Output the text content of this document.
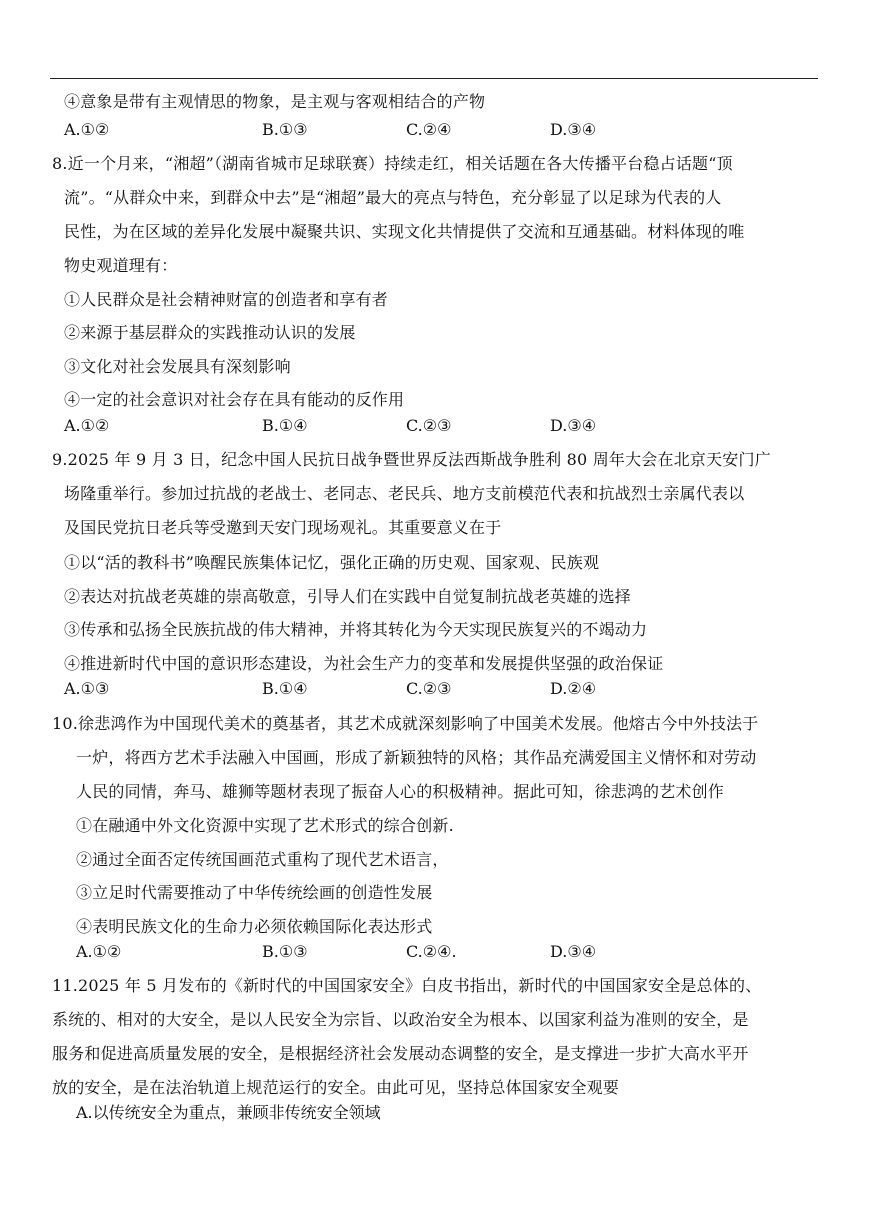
④意象是带有主观情思的物象，是主观与客观相结合的产物
A.①②	B.①③	C.②④	D.③④
8.近一个月来，“湘超”（湖南省城市足球联赛）持续走红，相关话题在各大传播平台稳占话题“顶
流”。“从群众中来，到群众中去”是“湘超”最大的亮点与特色，充分彰显了以足球为代表的人
民性，为在区域的差异化发展中凝聚共识、实现文化共情提供了交流和互通基础。材料体现的唯
物史观道理有：
①人民群众是社会精神财富的创造者和享有者
②来源于基层群众的实践推动认识的发展
③文化对社会发展具有深刻影响
④一定的社会意识对社会存在具有能动的反作用
A.①②	B.①④	C.②③	D.③④
9.2025 年 9 月 3 日，纪念中国人民抗日战争暨世界反法西斯战争胜利 80 周年大会在北京天安门广
场隆重举行。参加过抗战的老战士、老同志、老民兵、地方支前模范代表和抗战烈士亲属代表以
及国民党抗日老兵等受邀到天安门现场观礼。其重要意义在于
①以“活的教科书”唤醒民族集体记忆，强化正确的历史观、国家观、民族观
②表达对抗战老英雄的崇高敬意，引导人们在实践中自觉复制抗战老英雄的选择
③传承和弘扬全民族抗战的伟大精神，并将其转化为今天实现民族复兴的不竭动力
④推进新时代中国的意识形态建设，为社会生产力的变革和发展提供坚强的政治保证
A.①③	B.①④	C.②③	D.②④
10.徐悲鸿作为中国现代美术的奠基者，其艺术成就深刻影响了中国美术发展。他熔古今中外技法于
一炉，将西方艺术手法融入中国画，形成了新颖独特的风格；其作品充满爱国主义情怀和对劳动
人民的同情，奔马、雄狮等题材表现了振奋人心的积极精神。据此可知，徐悲鸿的艺术创作
①在融通中外文化资源中实现了艺术形式的综合创新.
②通过全面否定传统国画范式重构了现代艺术语言，
③立足时代需要推动了中华传统绘画的创造性发展
④表明民族文化的生命力必须依赖国际化表达形式
A.①②	B.①③	C.②④.	D.③④
11.2025 年 5 月发布的《新时代的中国国家安全》白皮书指出，新时代的中国国家安全是总体的、
系统的、相对的大安全，是以人民安全为宗旨、以政治安全为根本、以国家利益为准则的安全，是
服务和促进高质量发展的安全，是根据经济社会发展动态调整的安全，是支撑进一步扩大高水平开
放的安全，是在法治轨道上规范运行的安全。由此可见，坚持总体国家安全观要
A.以传统安全为重点，兼顾非传统安全领域
